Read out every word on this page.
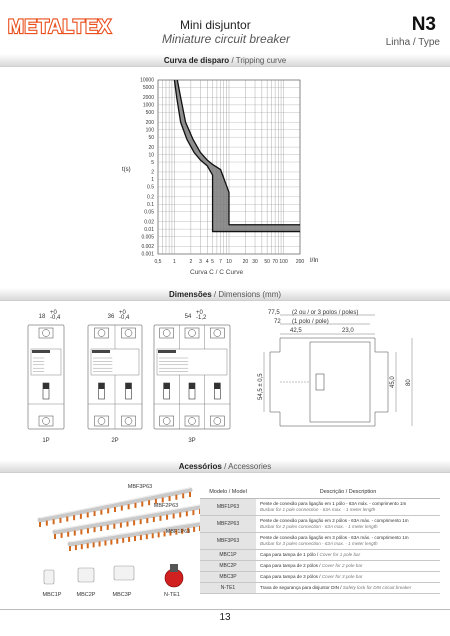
METALTEX	Mini disjuntor
Miniature circuit breaker
N3
Linha / Type
Curva de disparo / Tripping curve
10000
5000
2000
1000
500
200
100
50
20
10
5
2
1
0.5
0.2
0.1
0.05
0.02
0.01
0.005
0.002
0.001
0,5 1	2 3 4 5 7 10 20 30 50 70 100 200
t(s)
I/In
Curva C / C Curve
Dimensões / Dimensions (mm)
18
+0
-0,4
1P
36
+0
-0,4
2P
54
+0
-1,2
3P
77,5 (2 ou / or 3 polos / poles)
72 (1 polo / pole)
42,5	23,0
54,5 ± 0,5	45,0 80
Acessórios / Accessories
MBF3P63
MBF2P63
MBF1P63
MBC1P	MBC2P	MBC3P	N-TE1
Modelo / Model	Descrição / Description
MBF1P63	Pente de conexão para ligação em 1 pólo - 63A máx. - comprimento 1m
Busbar for 1 pole connection - 63A max. - 1 meter length
MBF2P63	Pente de conexão para ligação em 2 pólos - 63A máx. - comprimento 1m
Busbar for 2 poles connection - 63A max. - 1 meter length
MBF3P63	Pente de conexão para ligação em 3 pólos - 63A máx. - comprimento 1m
Busbar for 3 poles connection - 63A max. - 1 meter length
MBC1P	Capa para tampa de 1 pólo / Cover for 1 pole bar
MBC2P	Capa para tampa de 2 pólos / Cover for 2 pole bar
MBC3P	Capa para tampa de 3 pólos / Cover for 3 pole bar
N-TE1	Trava de segurança para disjuntor DIN / Safety lock for DIN circuit breaker
13
